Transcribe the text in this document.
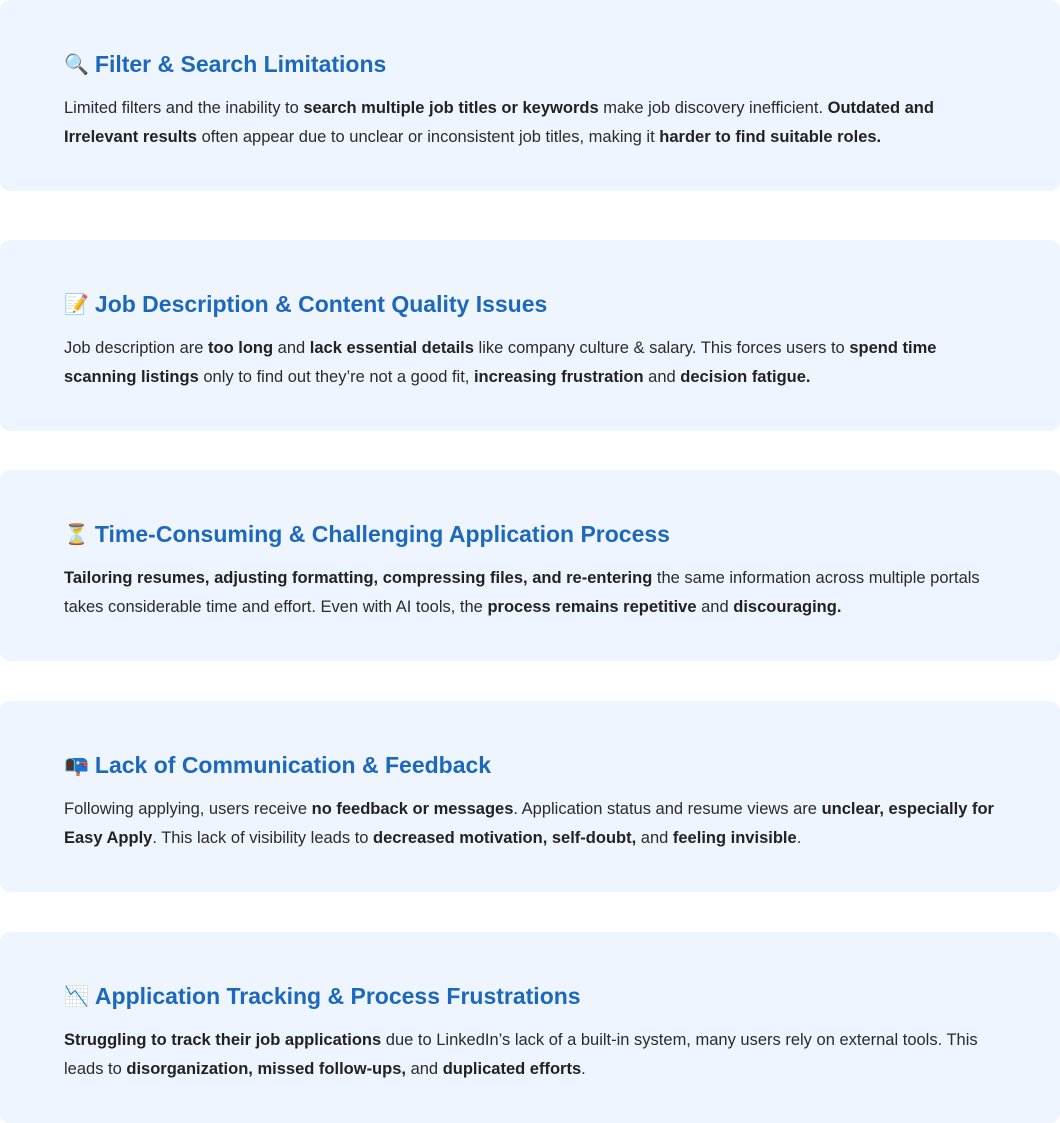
🔍 Filter & Search Limitations

Limited filters and the inability to search multiple job titles or keywords make job discovery inefficient. Outdated and Irrelevant results often appear due to unclear or inconsistent job titles, making it harder to find suitable roles.

📝 Job Description & Content Quality Issues

Job description are too long and lack essential details like company culture & salary. This forces users to spend time scanning listings only to find out they’re not a good fit, increasing frustration and decision fatigue.

⏳ Time-Consuming & Challenging Application Process

Tailoring resumes, adjusting formatting, compressing files, and re-entering the same information across multiple portals takes considerable time and effort. Even with AI tools, the process remains repetitive and discouraging.

📭 Lack of Communication & Feedback

Following applying, users receive no feedback or messages. Application status and resume views are unclear, especially for Easy Apply. This lack of visibility leads to decreased motivation, self-doubt, and feeling invisible.

📉 Application Tracking & Process Frustrations

Struggling to track their job applications due to LinkedIn’s lack of a built-in system, many users rely on external tools. This leads to disorganization, missed follow-ups, and duplicated efforts.
